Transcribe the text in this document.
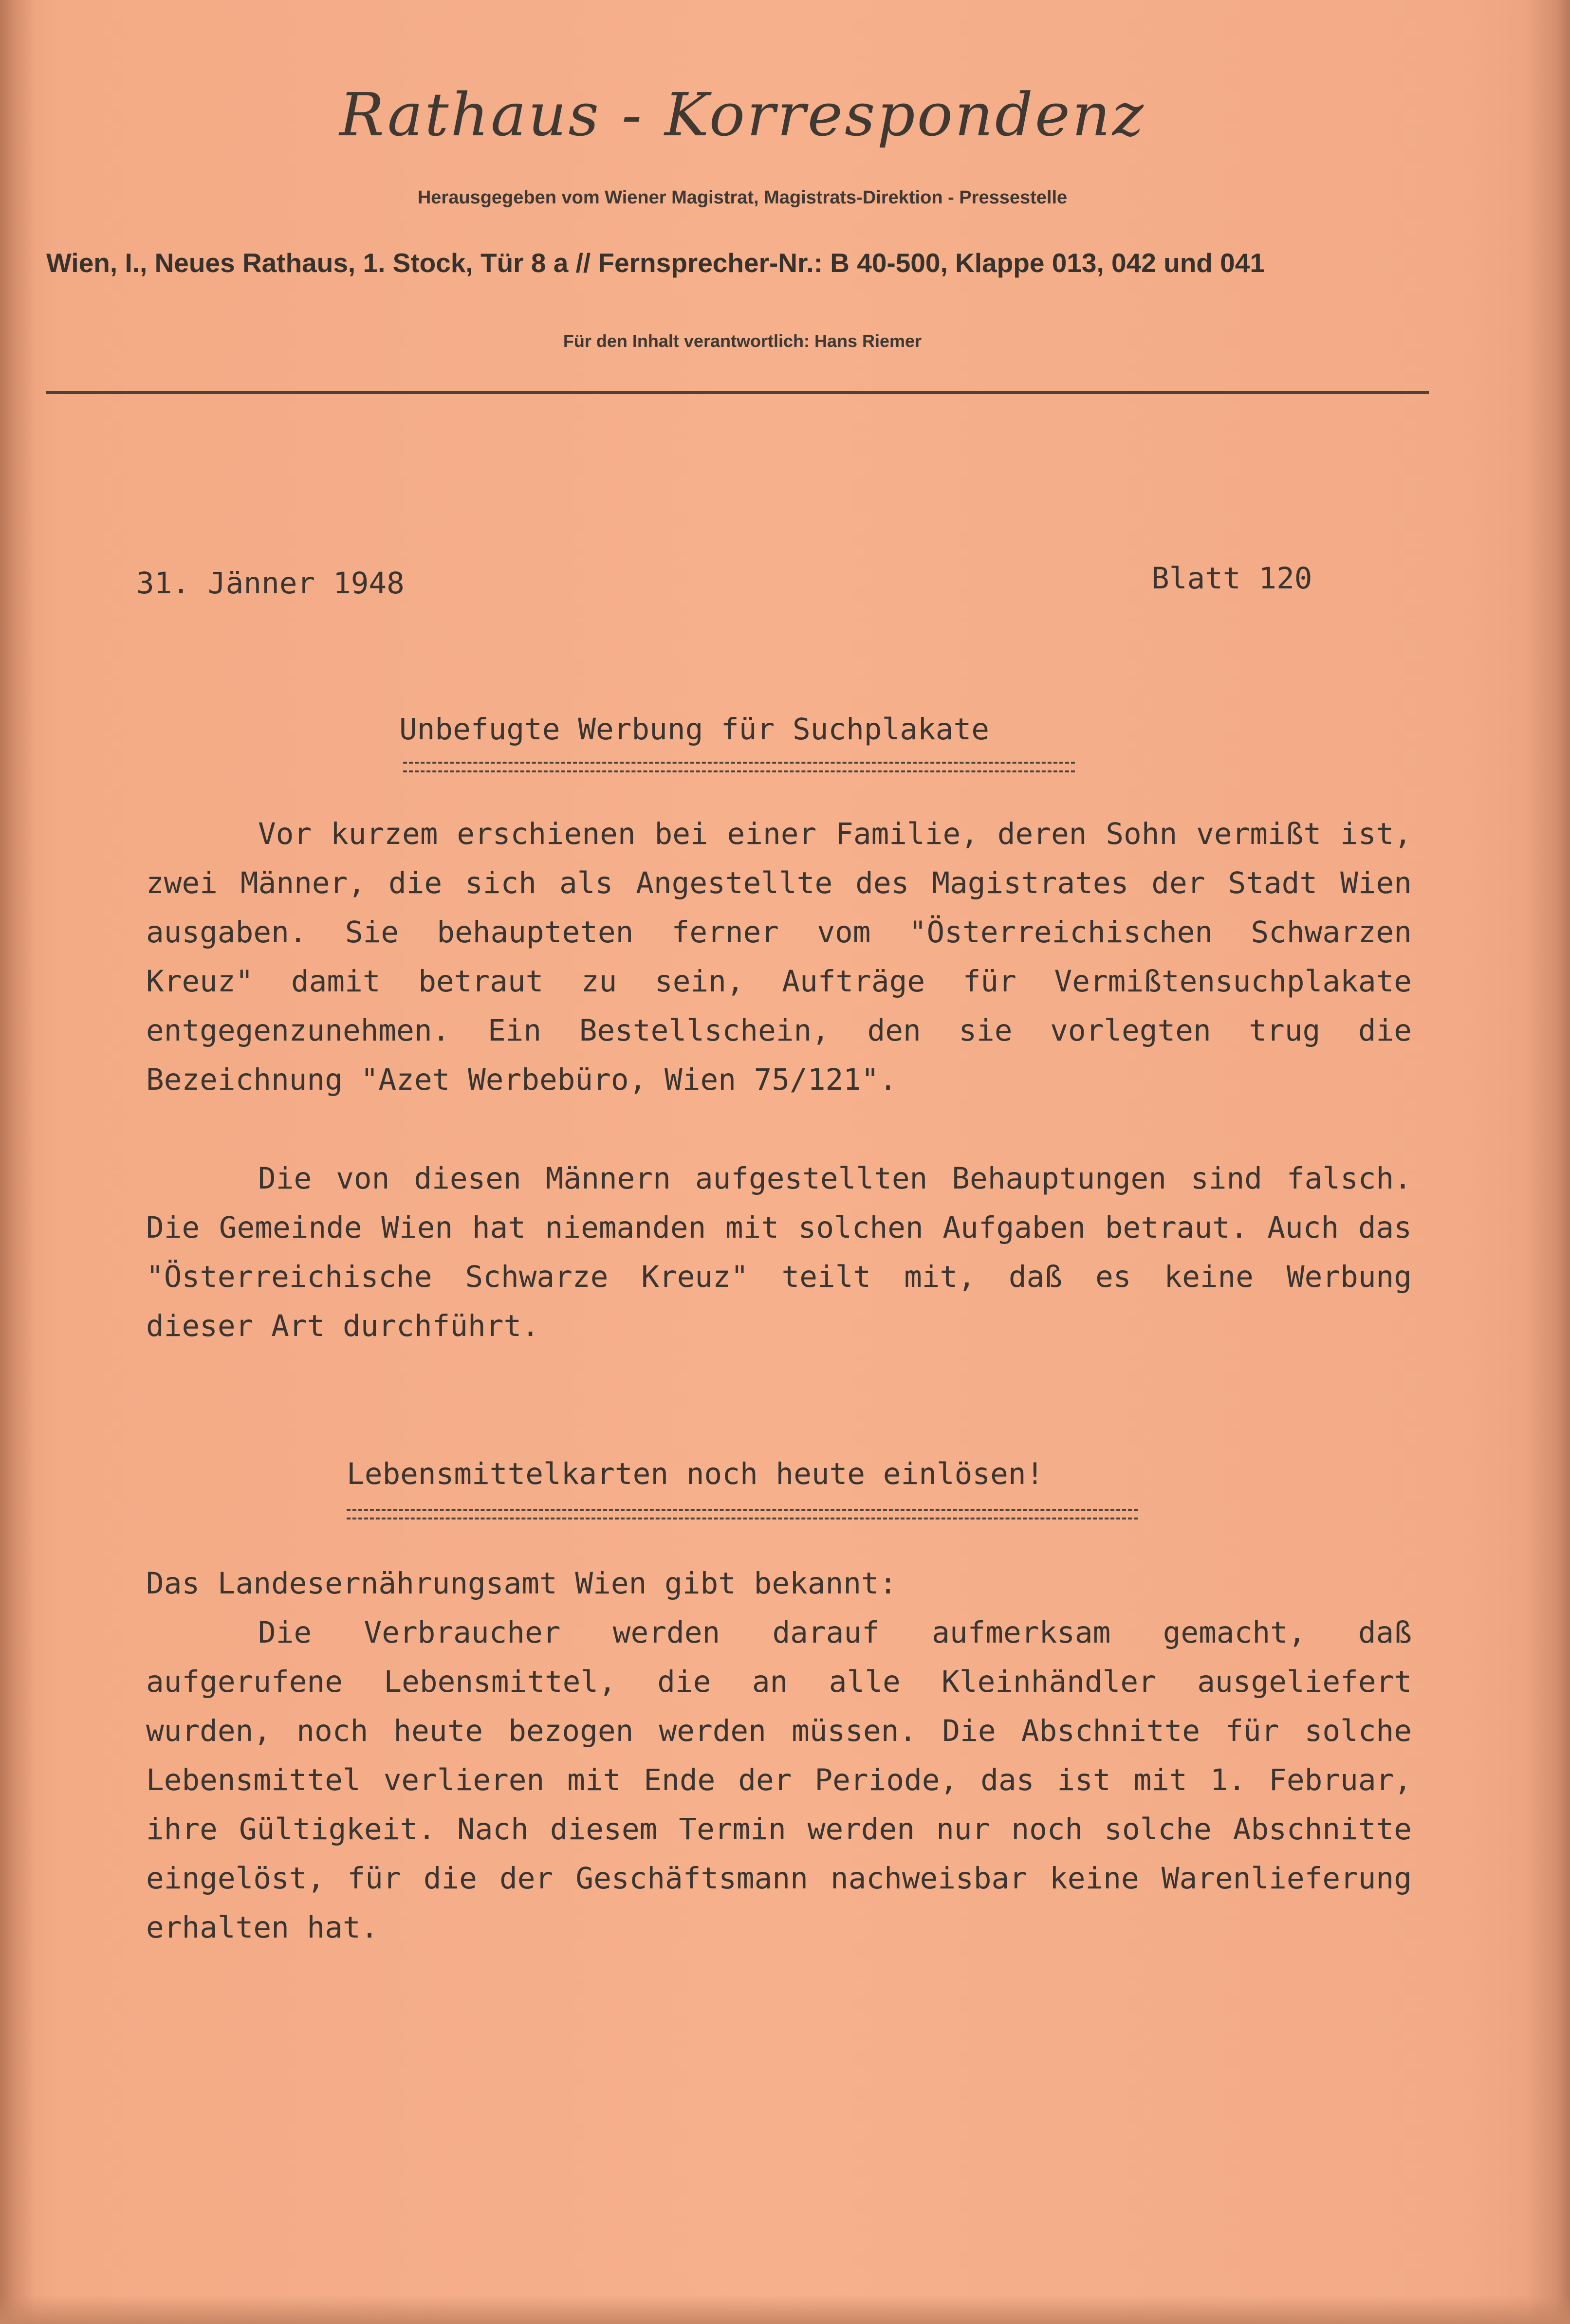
Rathaus - Korrespondenz
Herausgegeben vom Wiener Magistrat, Magistrats-Direktion - Pressestelle
Wien, I., Neues Rathaus, 1. Stock, Tür 8 a // Fernsprecher-Nr.: B 40-500, Klappe 013, 042 und 041
Für den Inhalt verantwortlich: Hans Riemer
31. Jänner 1948	Blatt 120
Unbefugte Werbung für Suchplakate

Vor kurzem erschienen bei einer Familie, deren Sohn vermißt ist, zwei Männer, die sich als Angestellte des Magistrates der Stadt Wien ausgaben. Sie behaupteten ferner vom "Österreichischen Schwarzen Kreuz" damit betraut zu sein, Aufträge für Vermißtensuchplakate entgegenzunehmen. Ein Bestellschein, den sie vorlegten trug die Bezeichnung "Azet Werbebüro, Wien 75/121".

Die von diesen Männern aufgestellten Behauptungen sind falsch. Die Gemeinde Wien hat niemanden mit solchen Aufgaben betraut. Auch das "Österreichische Schwarze Kreuz" teilt mit, daß es keine Werbung dieser Art durchführt.

Lebensmittelkarten noch heute einlösen!

Das Landesernährungsamt Wien gibt bekannt:

Die Verbraucher werden darauf aufmerksam gemacht, daß aufgerufene Lebensmittel, die an alle Kleinhändler ausgeliefert wurden, noch heute bezogen werden müssen. Die Abschnitte für solche Lebensmittel verlieren mit Ende der Periode, das ist mit 1. Februar, ihre Gültigkeit. Nach diesem Termin werden nur noch solche Abschnitte eingelöst, für die der Geschäftsmann nachweisbar keine Warenlieferung erhalten hat.
